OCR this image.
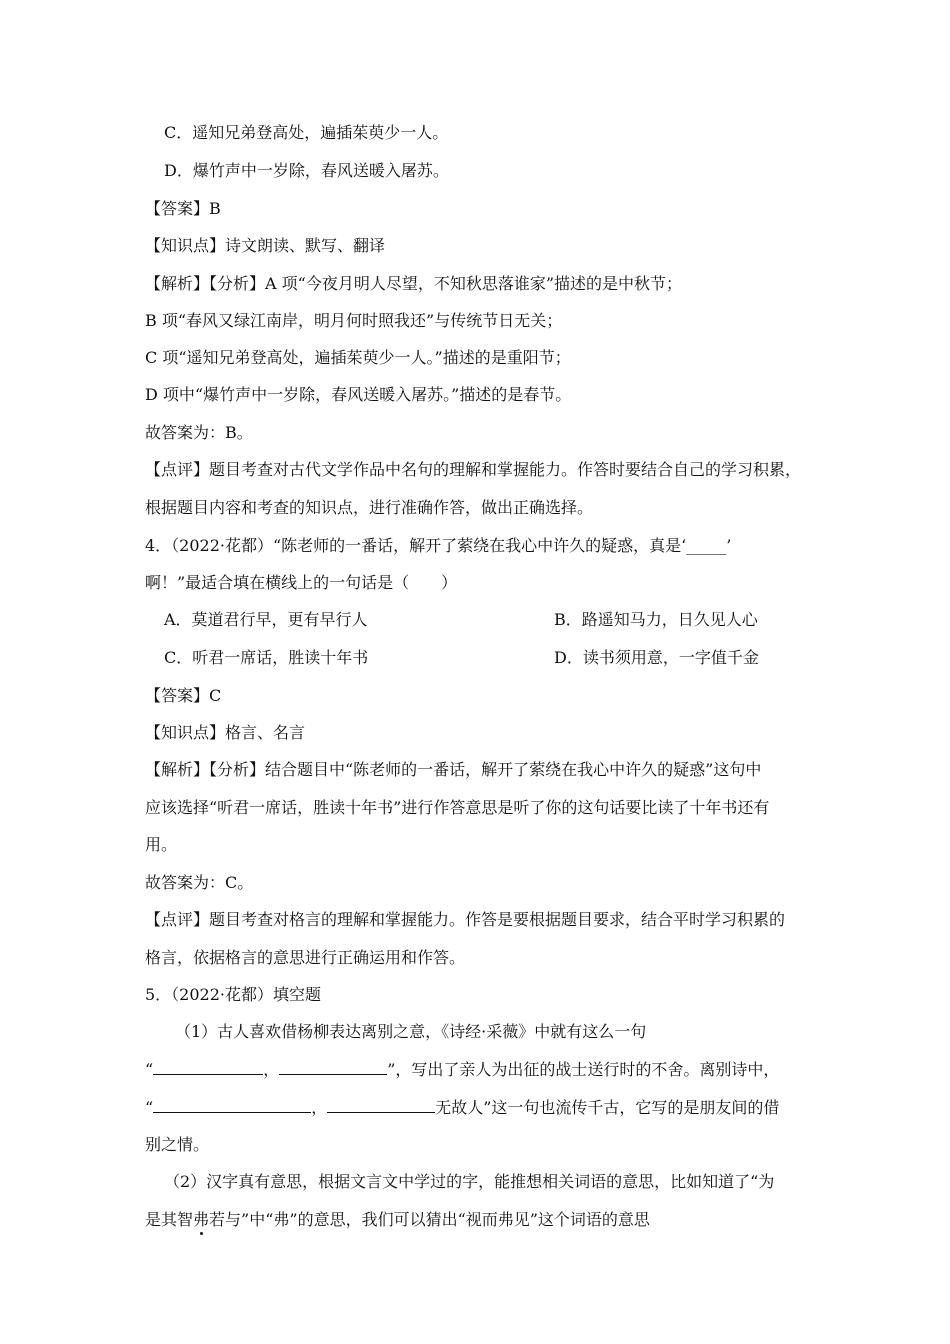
C．遥知兄弟登高处，遍插茱萸少一人。
D．爆竹声中一岁除，春风送暖入屠苏。
【答案】B
【知识点】诗文朗读、默写、翻译
【解析】【分析】A 项“今夜月明人尽望，不知秋思落谁家”描述的是中秋节；
B 项“春风又绿江南岸，明月何时照我还”与传统节日无关；
C 项“遥知兄弟登高处，遍插茱萸少一人。”描述的是重阳节；
D 项中“爆竹声中一岁除，春风送暖入屠苏。”描述的是春节。
故答案为：B。
【点评】题目考查对古代文学作品中名句的理解和掌握能力。作答时要结合自己的学习积累，
根据题目内容和考查的知识点，进行准确作答，做出正确选择。
4．（2022·花都）“陈老师的一番话，解开了萦绕在我心中许久的疑惑，真是‘_____’
啊！”最适合填在横线上的一句话是（　　）
A．莫道君行早，更有早行人	B．路遥知马力，日久见人心
C．听君一席话，胜读十年书	D．读书须用意，一字值千金
【答案】C
【知识点】格言、名言
【解析】【分析】结合题目中“陈老师的一番话，解开了萦绕在我心中许久的疑惑”这句中
应该选择“听君一席话，胜读十年书”进行作答意思是听了你的这句话要比读了十年书还有
用。
故答案为：C。
【点评】题目考查对格言的理解和掌握能力。作答是要根据题目要求，结合平时学习积累的
格言，依据格言的意思进行正确运用和作答。
5．（2022·花都）填空题
（1）古人喜欢借杨柳表达离别之意，《诗经·采薇》中就有这么一句
“	，	”，写出了亲人为出征的战士送行时的不舍。离别诗中，
“	，	无故人”这一句也流传千古，它写的是朋友间的借
别之情。
（2）汉字真有意思，根据文言文中学过的字，能推想相关词语的意思，比如知道了“为
是其智弗若与”中“弗”的意思，我们可以猜出“视而弗见”这个词语的意思
